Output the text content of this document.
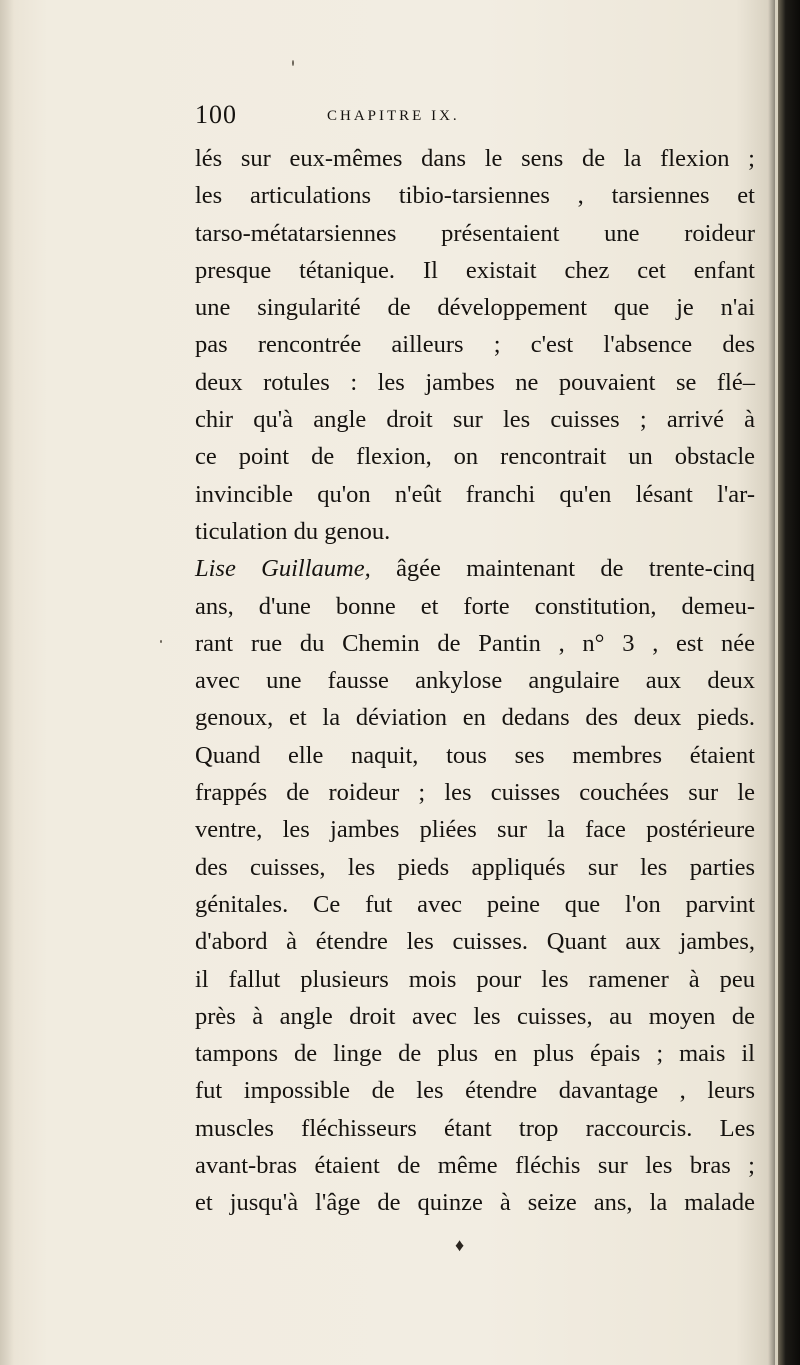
100	CHAPITRE IX.
lés sur eux-mêmes dans le sens de la flexion ;
les articulations tibio-tarsiennes , tarsiennes et
tarso-métatarsiennes présentaient une roideur
presque tétanique. Il existait chez cet enfant
une singularité de développement que je n'ai
pas rencontrée ailleurs ; c'est l'absence des
deux rotules : les jambes ne pouvaient se flé–
chir qu'à angle droit sur les cuisses ; arrivé à
ce point de flexion, on rencontrait un obstacle
invincible qu'on n'eût franchi qu'en lésant l'ar-
ticulation du genou.
Lise Guillaume, âgée maintenant de trente-cinq
ans, d'une bonne et forte constitution, demeu-
rant rue du Chemin de Pantin , n° 3 , est née
avec une fausse ankylose angulaire aux deux
genoux, et la déviation en dedans des deux pieds.
Quand elle naquit, tous ses membres étaient
frappés de roideur ; les cuisses couchées sur le
ventre, les jambes pliées sur la face postérieure
des cuisses, les pieds appliqués sur les parties
génitales. Ce fut avec peine que l'on parvint
d'abord à étendre les cuisses. Quant aux jambes,
il fallut plusieurs mois pour les ramener à peu
près à angle droit avec les cuisses, au moyen de
tampons de linge de plus en plus épais ; mais il
fut impossible de les étendre davantage , leurs
muscles fléchisseurs étant trop raccourcis. Les
avant-bras étaient de même fléchis sur les bras ;
et jusqu'à l'âge de quinze à seize ans, la malade
♦
